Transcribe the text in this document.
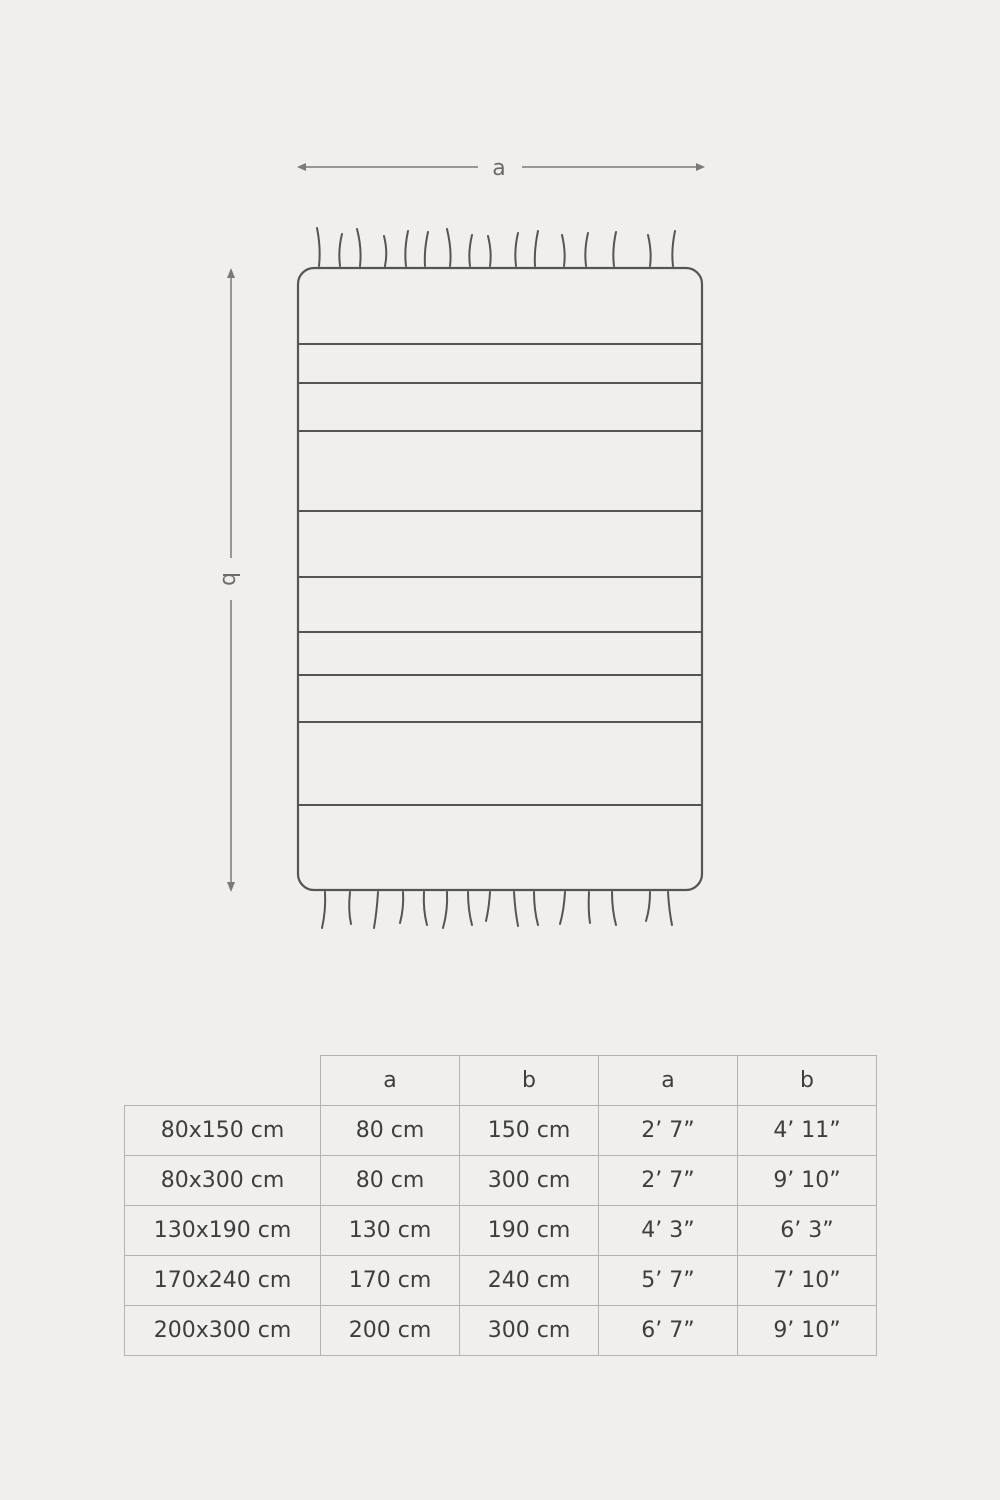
a
b
	a	b	a	b
80x150 cm	80 cm	150 cm	2’ 7”	4’ 11”
80x300 cm	80 cm	300 cm	2’ 7”	9’ 10”
130x190 cm	130 cm	190 cm	4’ 3”	6’ 3”
170x240 cm	170 cm	240 cm	5’ 7”	7’ 10”
200x300 cm	200 cm	300 cm	6’ 7”	9’ 10”
